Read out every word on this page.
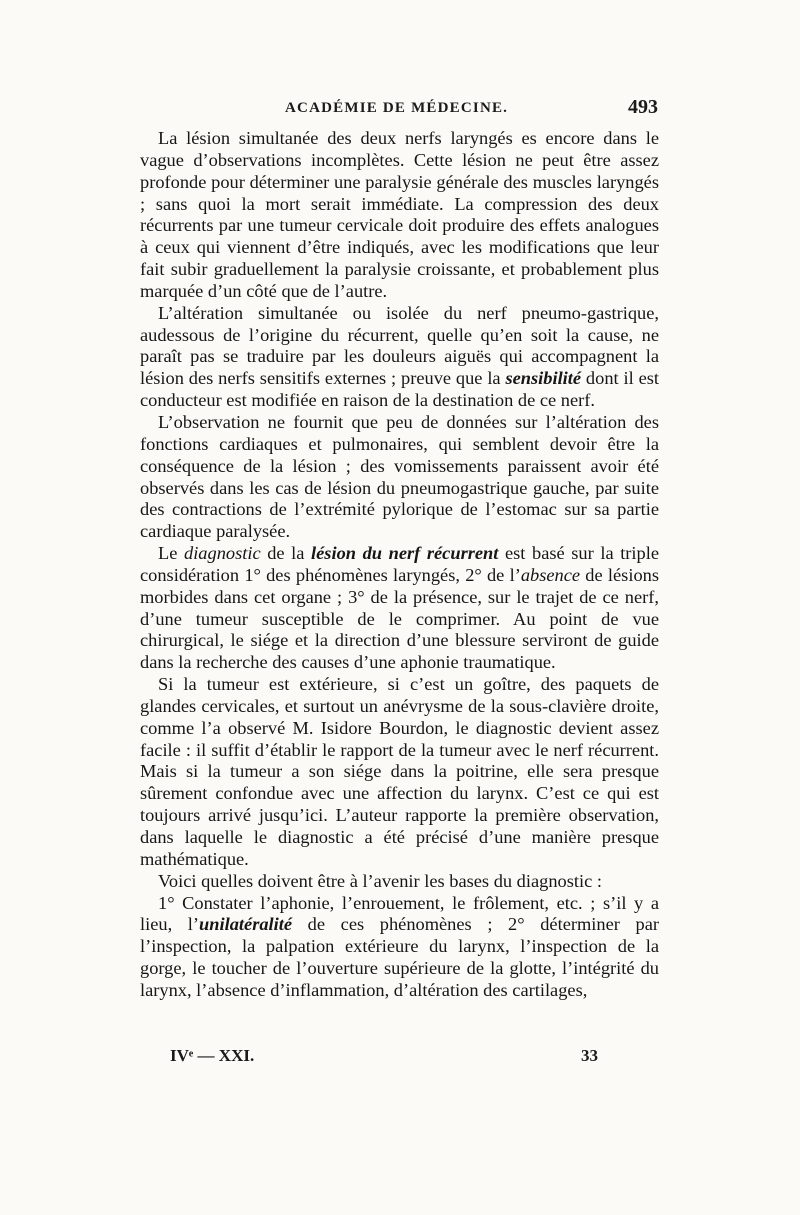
ACADÉMIE DE MÉDECINE.	493

La lésion simultanée des deux nerfs laryngés es encore dans le vague d’observations incomplètes. Cette lésion ne peut être assez profonde pour déterminer une paralysie générale des muscles laryngés ; sans quoi la mort serait immédiate. La compression des deux récurrents par une tumeur cervicale doit produire des effets analogues à ceux qui viennent d’être indiqués, avec les modifications que leur fait subir graduellement la paralysie croissante, et probablement plus marquée d’un côté que de l’autre.

L’altération simultanée ou isolée du nerf pneumo-gastrique, audessous de l’origine du récurrent, quelle qu’en soit la cause, ne paraît pas se traduire par les douleurs aiguës qui accompagnent la lésion des nerfs sensitifs externes ; preuve que la sensibilité dont il est conducteur est modifiée en raison de la destination de ce nerf.

L’observation ne fournit que peu de données sur l’altération des fonctions cardiaques et pulmonaires, qui semblent devoir être la conséquence de la lésion ; des vomissements paraissent avoir été observés dans les cas de lésion du pneumogastrique gauche, par suite des contractions de l’extrémité pylorique de l’estomac sur sa partie cardiaque paralysée.

Le diagnostic de la lésion du nerf récurrent est basé sur la triple considération 1° des phénomènes laryngés, 2° de l’absence de lésions morbides dans cet organe ; 3° de la présence, sur le trajet de ce nerf, d’une tumeur susceptible de le comprimer. Au point de vue chirurgical, le siége et la direction d’une blessure serviront de guide dans la recherche des causes d’une aphonie traumatique.

Si la tumeur est extérieure, si c’est un goître, des paquets de glandes cervicales, et surtout un anévrysme de la sous-clavière droite, comme l’a observé M. Isidore Bourdon, le diagnostic devient assez facile : il suffit d’établir le rapport de la tumeur avec le nerf récurrent. Mais si la tumeur a son siége dans la poitrine, elle sera presque sûrement confondue avec une affection du larynx. C’est ce qui est toujours arrivé jusqu’ici. L’auteur rapporte la première observation, dans laquelle le diagnostic a été précisé d’une manière presque mathématique.

Voici quelles doivent être à l’avenir les bases du diagnostic :

1° Constater l’aphonie, l’enrouement, le frôlement, etc. ; s’il y a lieu, l’unilatéralité de ces phénomènes ; 2° déterminer par l’inspection, la palpation extérieure du larynx, l’inspection de la gorge, le toucher de l’ouverture supérieure de la glotte, l’intégrité du larynx, l’absence d’inflammation, d’altération des cartilages,

IVᵉ — XXI.	33
